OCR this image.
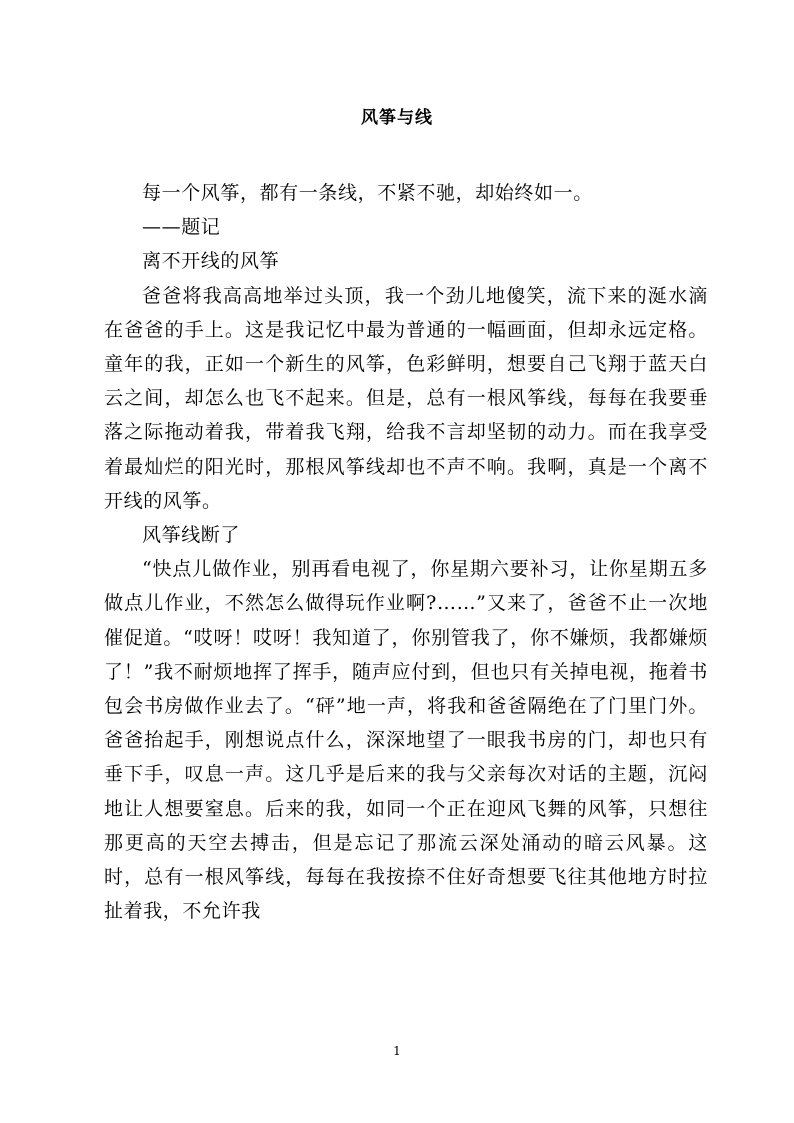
风筝与线

每一个风筝，都有一条线，不紧不驰，却始终如一。

——题记

离不开线的风筝

爸爸将我高高地举过头顶，我一个劲儿地傻笑，流下来的涎水滴在爸爸的手上。这是我记忆中最为普通的一幅画面，但却永远定格。童年的我，正如一个新生的风筝，色彩鲜明，想要自己飞翔于蓝天白云之间，却怎么也飞不起来。但是，总有一根风筝线，每每在我要垂落之际拖动着我，带着我飞翔，给我不言却坚韧的动力。而在我享受着最灿烂的阳光时，那根风筝线却也不声不响。我啊，真是一个离不开线的风筝。

风筝线断了

“快点儿做作业，别再看电视了，你星期六要补习，让你星期五多做点儿作业，不然怎么做得玩作业啊?……”又来了，爸爸不止一次地催促道。“哎呀！哎呀！我知道了，你别管我了，你不嫌烦，我都嫌烦了！”我不耐烦地挥了挥手，随声应付到，但也只有关掉电视，拖着书包会书房做作业去了。“砰”地一声，将我和爸爸隔绝在了门里门外。爸爸抬起手，刚想说点什么，深深地望了一眼我书房的门，却也只有垂下手，叹息一声。这几乎是后来的我与父亲每次对话的主题，沉闷地让人想要窒息。后来的我，如同一个正在迎风飞舞的风筝，只想往那更高的天空去搏击，但是忘记了那流云深处涌动的暗云风暴。这时，总有一根风筝线，每每在我按捺不住好奇想要飞往其他地方时拉扯着我，不允许我

1
